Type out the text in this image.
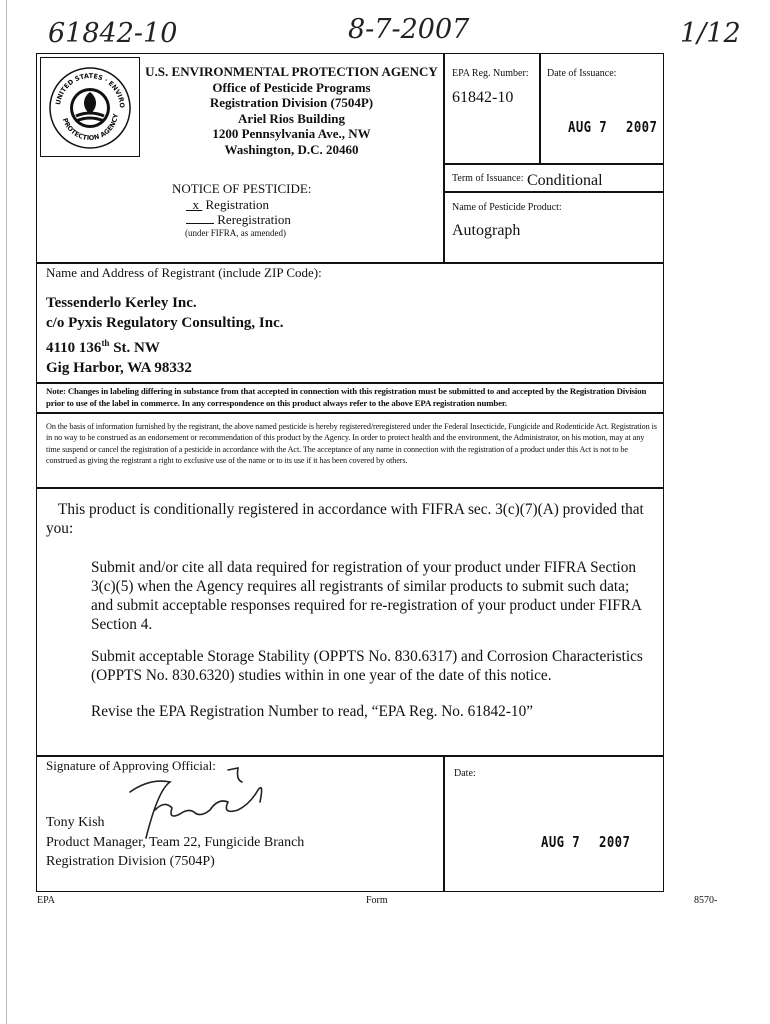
61842-10	8-7-2007	1/12
UNITED STATES · ENVIRO
PROTECTION AGENCY
U.S. ENVIRONMENTAL PROTECTION AGENCY
Office of Pesticide Programs
Registration Division (7504P)
Ariel Rios Building
1200 Pennsylvania Ave., NW
Washington, D.C. 20460
EPA Reg. Number:
61842-10
Date of Issuance:
AUG 7 2007
Term of Issuance: Conditional
Name of Pesticide Product:
Autograph
NOTICE OF PESTICIDE:
x Registration
Reregistration
(under FIFRA, as amended)
Name and Address of Registrant (include ZIP Code):
Tessenderlo Kerley Inc.
c/o Pyxis Regulatory Consulting, Inc.
4110 136th St. NW
Gig Harbor, WA 98332
Note: Changes in labeling differing in substance from that accepted in connection with this registration must be submitted to and accepted by the Registration Division prior to use of the label in commerce. In any correspondence on this product always refer to the above EPA registration number.
On the basis of information furnished by the registrant, the above named pesticide is hereby registered/reregistered under the Federal Insecticide, Fungicide and Rodenticide Act. Registration is in no way to be construed as an endorsement or recommendation of this product by the Agency. In order to protect health and the environment, the Administrator, on his motion, may at any time suspend or cancel the registration of a pesticide in accordance with the Act. The acceptance of any name in connection with the registration of a product under this Act is not to be construed as giving the registrant a right to exclusive use of the name or to its use if it has been covered by others.
This product is conditionally registered in accordance with FIFRA sec. 3(c)(7)(A) provided that you:
Submit and/or cite all data required for registration of your product under FIFRA Section 3(c)(5) when the Agency requires all registrants of similar products to submit such data; and submit acceptable responses required for re-registration of your product under FIFRA Section 4.
Submit acceptable Storage Stability (OPPTS No. 830.6317) and Corrosion Characteristics (OPPTS No. 830.6320) studies within in one year of the date of this notice.
Revise the EPA Registration Number to read, “EPA Reg. No. 61842-10”
Signature of Approving Official:
Tony Kish
Product Manager, Team 22, Fungicide Branch
Registration Division (7504P)
Date:
AUG 7 2007
EPA	Form	8570-
